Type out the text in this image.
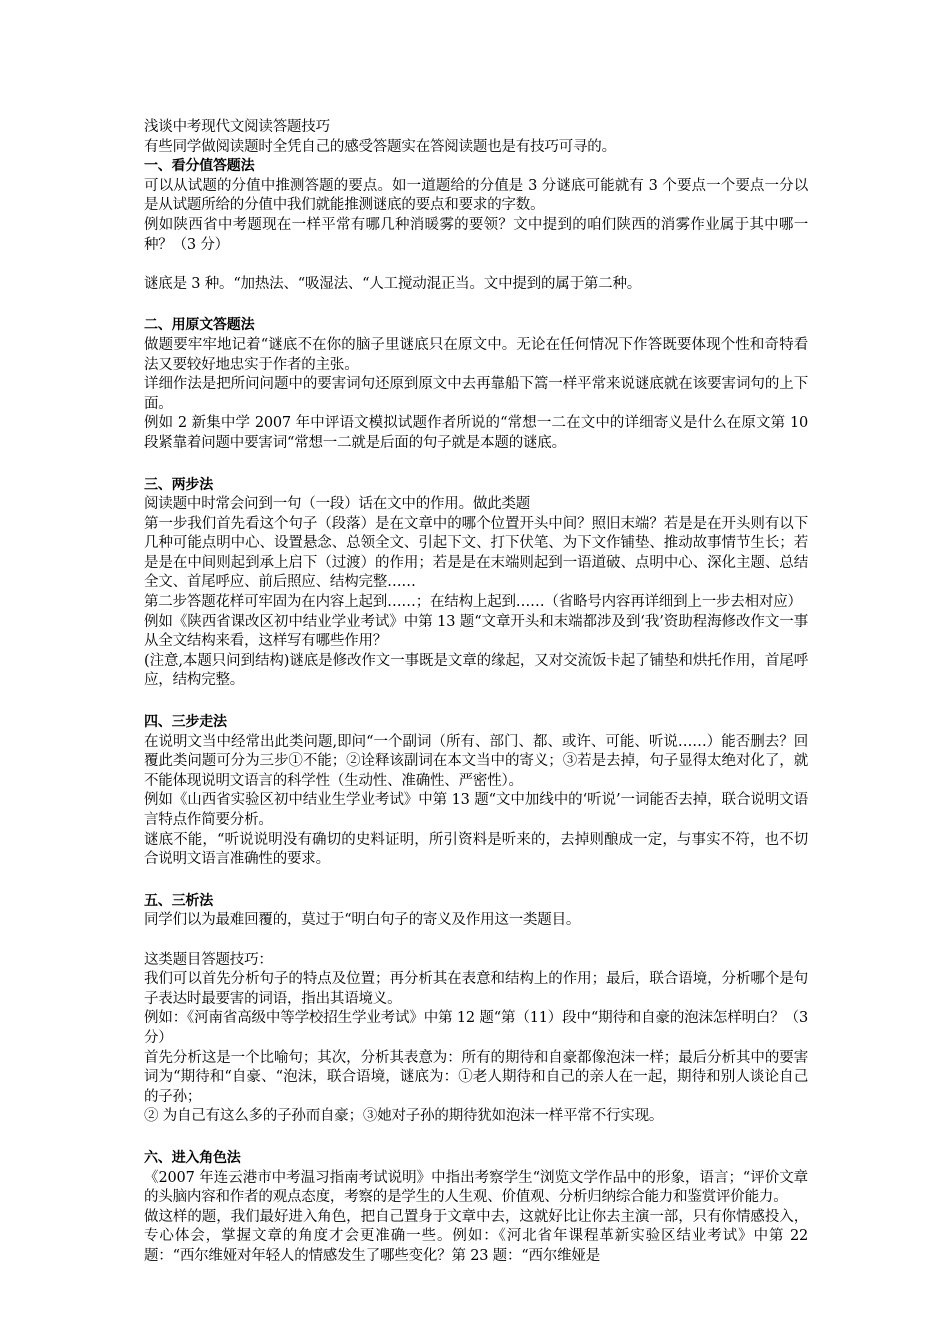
浅谈中考现代文阅读答题技巧

有些同学做阅读题时全凭自己的感受答题实在答阅读题也是有技巧可寻的。

一、看分值答题法

可以从试题的分值中推测答题的要点。如一道题给的分值是 3 分谜底可能就有 3 个要点一个要点一分以是从试题所给的分值中我们就能推测谜底的要点和要求的字数。

例如陕西省中考题现在一样平常有哪几种消暖雾的要领？文中提到的咱们陕西的消雾作业属于其中哪一种？（3 分）

谜底是 3 种。“加热法、“吸湿法、“人工搅动混正当。文中提到的属于第二种。

二、用原文答题法

做题要牢牢地记着“谜底不在你的脑子里谜底只在原文中。无论在任何情况下作答既要体现个性和奇特看法又要较好地忠实于作者的主张。

详细作法是把所问问题中的要害词句还原到原文中去再靠船下篙一样平常来说谜底就在该要害词句的上下面。

例如 2 新集中学 2007 年中评语文模拟试题作者所说的“常想一二在文中的详细寄义是什么在原文第 10 段紧靠着问题中要害词“常想一二就是后面的句子就是本题的谜底。

三、两步法

阅读题中时常会问到一句（一段）话在文中的作用。做此类题

第一步我们首先看这个句子（段落）是在文章中的哪个位置开头中间？照旧末端？若是是在开头则有以下几种可能点明中心、设置悬念、总领全文、引起下文、打下伏笔、为下文作铺垫、推动故事情节生长；若是是在中间则起到承上启下（过渡）的作用；若是是在末端则起到一语道破、点明中心、深化主题、总结全文、首尾呼应、前后照应、结构完整……

第二步答题花样可牢固为在内容上起到……；在结构上起到……（省略号内容再详细到上一步去相对应）

例如《陕西省课改区初中结业学业考试》中第 13 题“文章开头和末端都涉及到‘我’资助程海修改作文一事从全文结构来看，这样写有哪些作用？

(注意,本题只问到结构)谜底是修改作文一事既是文章的缘起，又对交流饭卡起了铺垫和烘托作用，首尾呼应，结构完整。

四、三步走法

在说明文当中经常出此类问题,即问“一个副词（所有、部门、都、或许、可能、听说……）能否删去？回覆此类问题可分为三步①不能；②诠释该副词在本文当中的寄义；③若是去掉，句子显得太绝对化了，就不能体现说明文语言的科学性（生动性、准确性、严密性）。

例如《山西省实验区初中结业生学业考试》中第 13 题“文中加线中的‘听说’一词能否去掉，联合说明文语言特点作简要分析。

谜底不能，“听说说明没有确切的史料证明，所引资料是听来的，去掉则酿成一定，与事实不符，也不切合说明文语言准确性的要求。

五、三析法

同学们以为最难回覆的，莫过于“明白句子的寄义及作用这一类题目。

这类题目答题技巧：

我们可以首先分析句子的特点及位置；再分析其在表意和结构上的作用；最后，联合语境，分析哪个是句子表达时最要害的词语，指出其语境义。

例如：《河南省高级中等学校招生学业考试》中第 12 题“第（11）段中“期待和自豪的泡沫怎样明白？（3 分）

首先分析这是一个比喻句；其次，分析其表意为：所有的期待和自豪都像泡沫一样；最后分析其中的要害词为“期待和“自豪、“泡沫，联合语境，谜底为：①老人期待和自己的亲人在一起，期待和别人谈论自己的子孙；

② 为自己有这么多的子孙而自豪；③她对子孙的期待犹如泡沫一样平常不行实现。

六、进入角色法

《2007 年连云港市中考温习指南考试说明》中指出考察学生“浏览文学作品中的形象，语言；“评价文章的头脑内容和作者的观点态度，考察的是学生的人生观、价值观、分析归纳综合能力和鉴赏评价能力。

做这样的题，我们最好进入角色，把自己置身于文章中去，这就好比让你去主演一部，只有你情感投入，专心体会，掌握文章的角度才会更准确一些。例如：《河北省年课程革新实验区结业考试》中第 22 题：“西尔维娅对年轻人的情感发生了哪些变化？第 23 题：“西尔维娅是
